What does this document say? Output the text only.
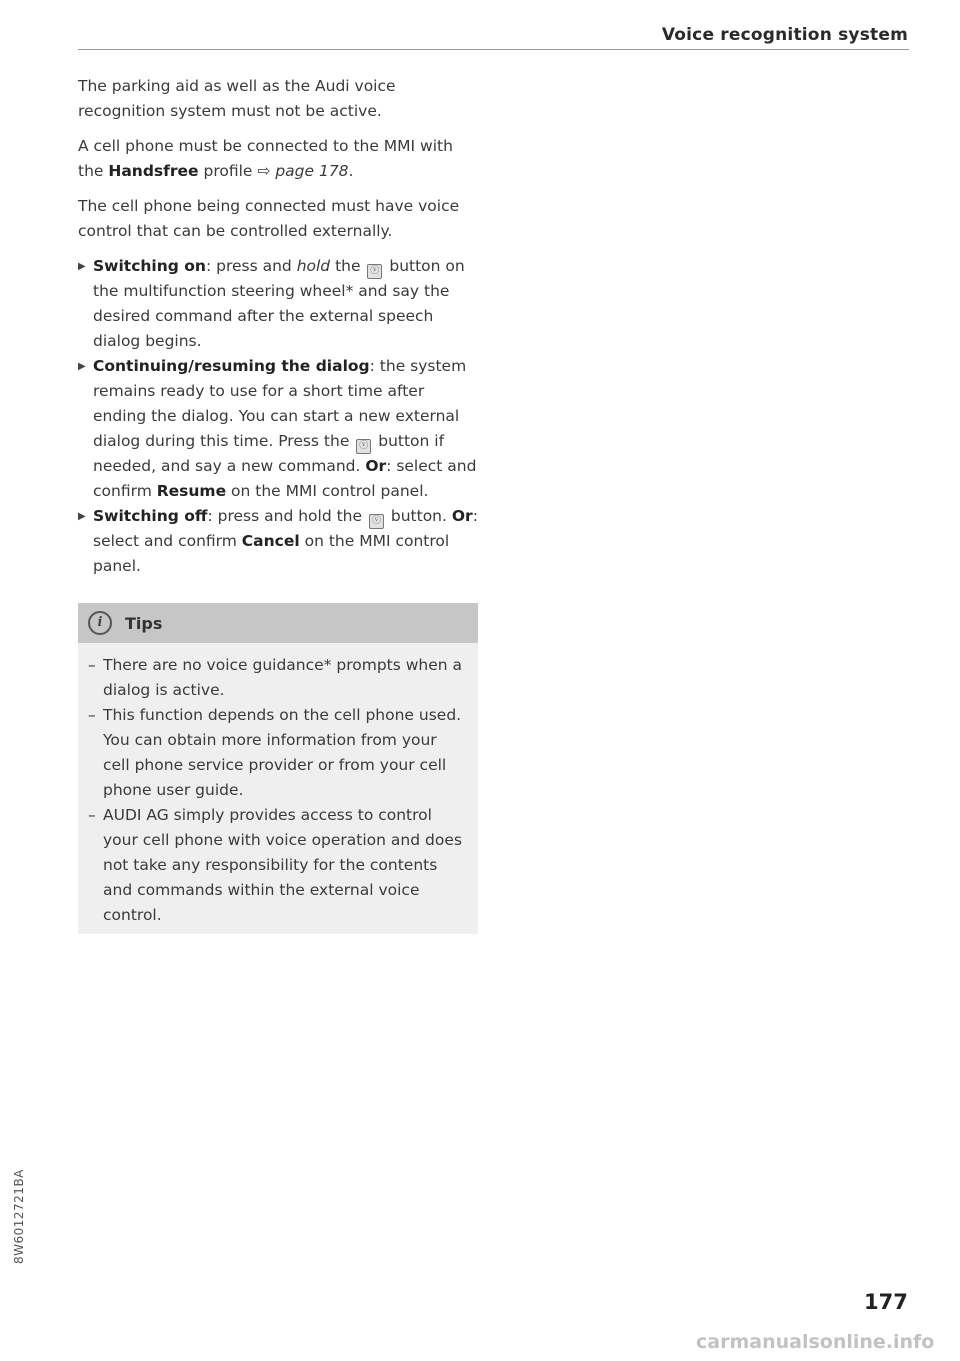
Voice recognition system

The parking aid as well as the Audi voice recognition system must not be active.

A cell phone must be connected to the MMI with the Handsfree profile ⇨ page 178.

The cell phone being connected must have voice control that can be controlled externally.

▶ Switching on: press and hold the ⓥ button on the multifunction steering wheel* and say the desired command after the external speech dialog begins.
▶ Continuing/resuming the dialog: the system remains ready to use for a short time after ending the dialog. You can start a new external dialog during this time. Press the ⓥ button if needed, and say a new command. Or: select and confirm Resume on the MMI control panel.
▶ Switching off: press and hold the ⓥ button. Or: select and confirm Cancel on the MMI control panel.
i	Tips
– There are no voice guidance* prompts when a dialog is active.
– This function depends on the cell phone used. You can obtain more information from your cell phone service provider or from your cell phone user guide.
– AUDI AG simply provides access to control your cell phone with voice operation and does not take any responsibility for the contents and commands within the external voice control.
8W6012721BA
177
carmanualsonline.info
